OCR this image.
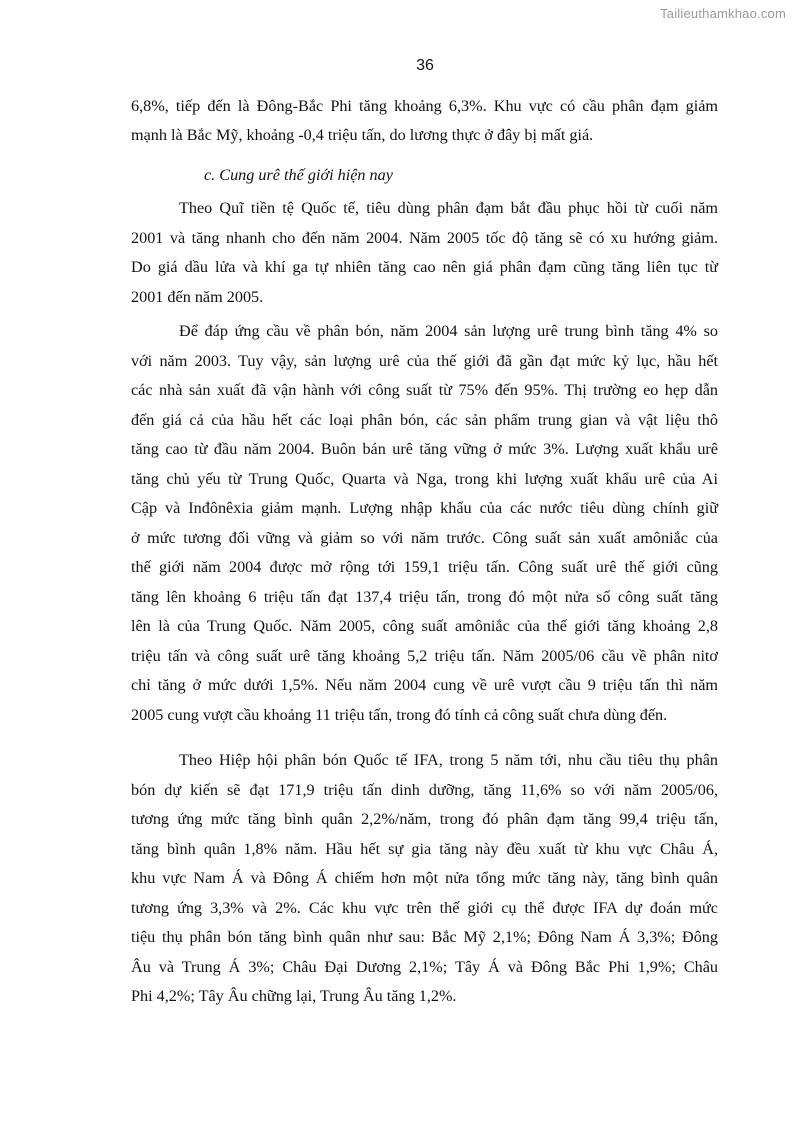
Tailieuthamkhao.com
36
6,8%, tiếp đến là Đông-Bắc Phi tăng khoảng 6,3%. Khu vực có cầu phân đạm giảm
mạnh là Bắc Mỹ, khoảng -0,4 triệu tấn, do lương thực ở đây bị mất giá.
c. Cung urê thế giới hiện nay
Theo Quĩ tiền tệ Quốc tế, tiêu dùng phân đạm bắt đầu phục hồi từ cuối năm
2001 và tăng nhanh cho đến năm 2004. Năm 2005 tốc độ tăng sẽ có xu hướng giảm.
Do giá dầu lửa và khí ga tự nhiên tăng cao nên giá phân đạm cũng tăng liên tục từ
2001 đến năm 2005.
Để đáp ứng cầu về phân bón, năm 2004 sản lượng urê trung bình tăng 4% so
với năm 2003. Tuy vậy, sản lượng urê của thế giới đã gần đạt mức kỷ lục, hầu hết
các nhà sản xuất đã vận hành với công suất từ 75% đến 95%. Thị trường eo hẹp dẫn
đến giá cả của hầu hết các loại phân bón, các sản phẩm trung gian và vật liệu thô
tăng cao từ đầu năm 2004. Buôn bán urê tăng vững ở mức 3%. Lượng xuất khẩu urê
tăng chủ yếu từ Trung Quốc, Quarta và Nga, trong khi lượng xuất khẩu urê của Ai
Cập và Inđônêxia giảm mạnh. Lượng nhập khẩu của các nước tiêu dùng chính giữ
ở mức tương đối vững và giảm so với năm trước. Công suất sản xuất amôniắc của
thế giới năm 2004 được mở rộng tới 159,1 triệu tấn. Công suất urê thế giới cũng
tăng lên khoảng 6 triệu tấn đạt 137,4 triệu tấn, trong đó một nửa số công suất tăng
lên là của Trung Quốc. Năm 2005, công suất amôniắc của thế giới tăng khoảng 2,8
triệu tấn và công suất urê tăng khoảng 5,2 triệu tấn. Năm 2005/06 cầu về phân nitơ
chỉ tăng ở mức dưới 1,5%. Nếu năm 2004 cung về urê vượt cầu 9 triệu tấn thì năm
2005 cung vượt cầu khoảng 11 triệu tấn, trong đó tính cả công suất chưa dùng đến.
Theo Hiệp hội phân bón Quốc tế IFA, trong 5 năm tới, nhu cầu tiêu thụ phân
bón dự kiến sẽ đạt 171,9 triệu tấn dinh dưỡng, tăng 11,6% so với năm 2005/06,
tương ứng mức tăng bình quân 2,2%/năm, trong đó phân đạm tăng 99,4 triệu tấn,
tăng bình quân 1,8% năm. Hầu hết sự gia tăng này đều xuất từ khu vực Châu Á,
khu vực Nam Á và Đông Á chiếm hơn một nửa tổng mức tăng này, tăng bình quân
tương ứng 3,3% và 2%. Các khu vực trên thế giới cụ thể được IFA dự đoán mức
tiệu thụ phân bón tăng bình quân như sau: Bắc Mỹ 2,1%; Đông Nam Á 3,3%; Đông
Âu và Trung Á 3%; Châu Đại Dương 2,1%; Tây Á và Đông Bắc Phi 1,9%; Châu
Phi 4,2%; Tây Âu chững lại, Trung Âu tăng 1,2%.
